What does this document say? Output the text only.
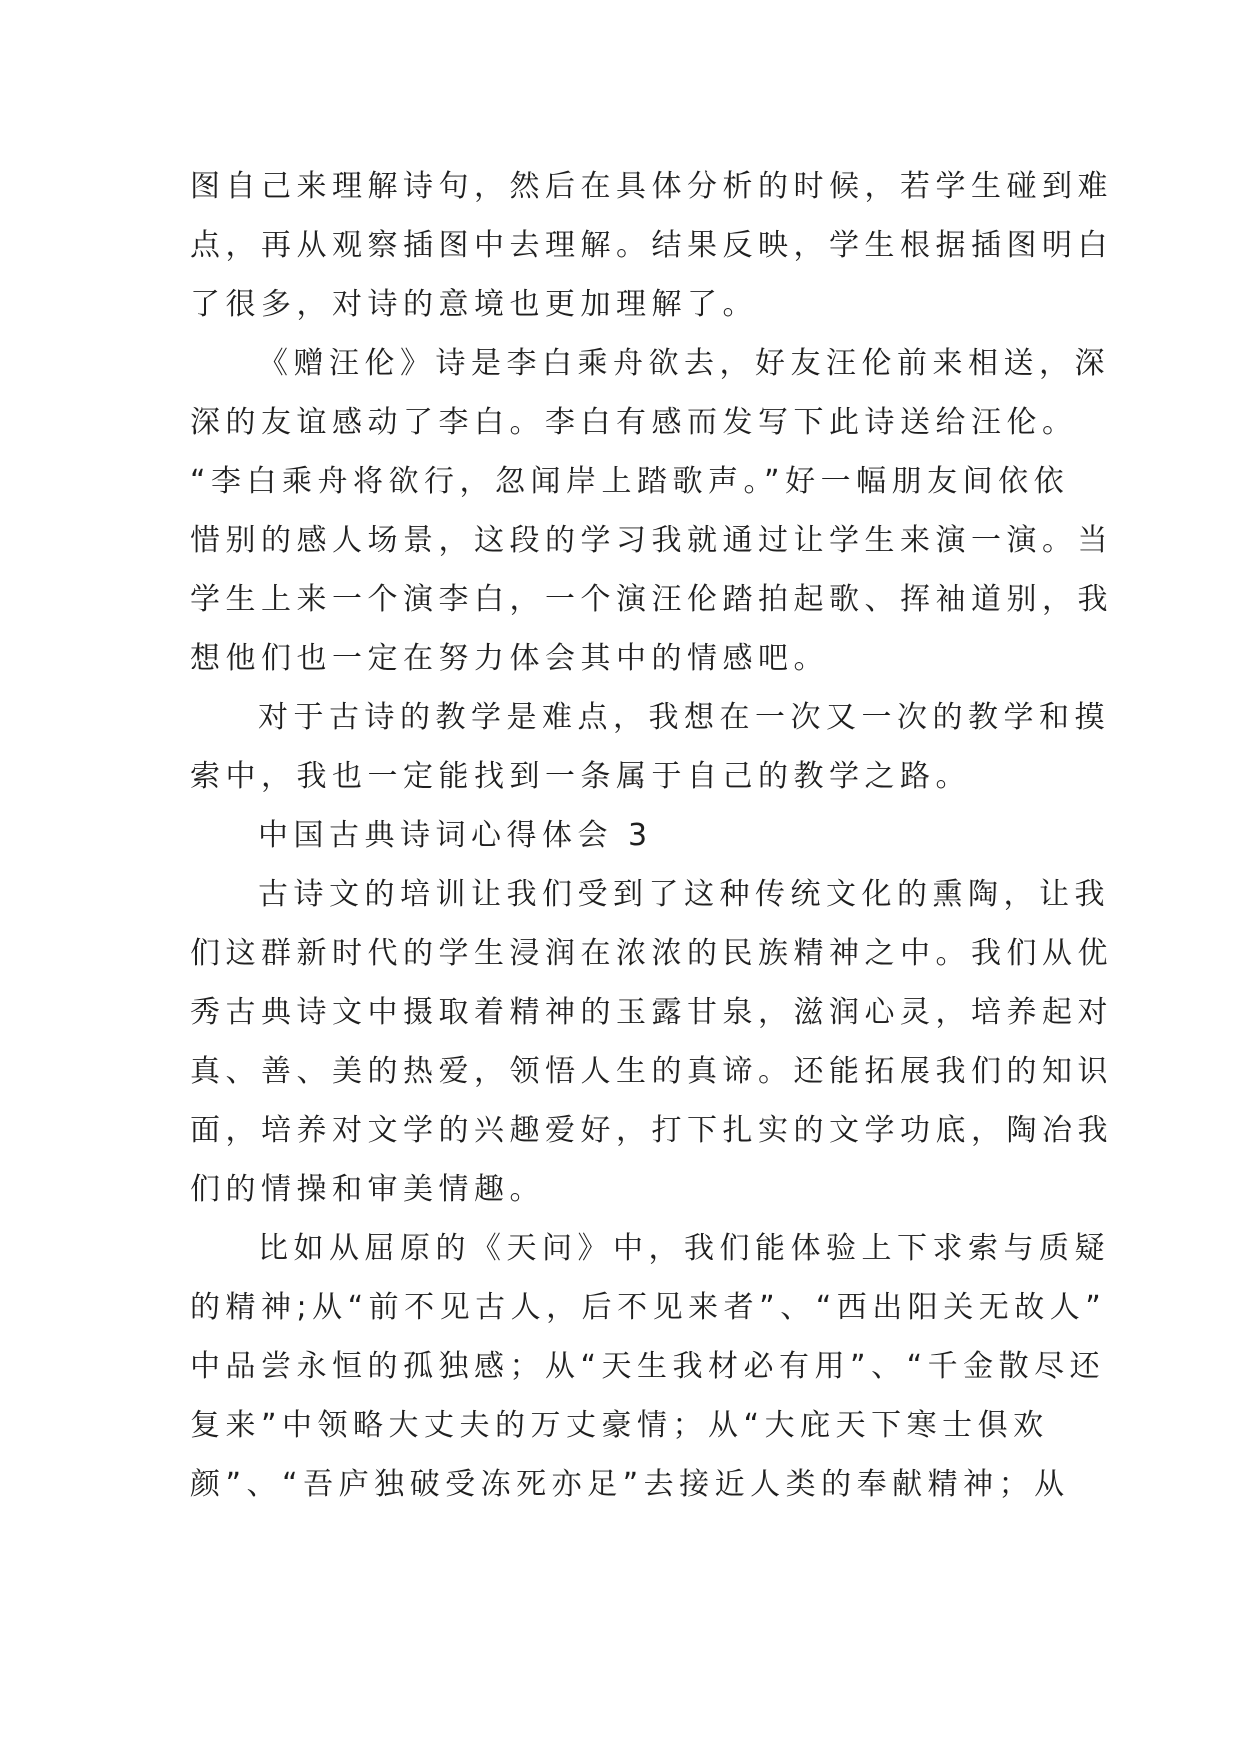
图自己来理解诗句，然后在具体分析的时候，若学生碰到难
点，再从观察插图中去理解。结果反映，学生根据插图明白
了很多，对诗的意境也更加理解了。
《赠汪伦》诗是李白乘舟欲去，好友汪伦前来相送，深
深的友谊感动了李白。李白有感而发写下此诗送给汪伦。
“李白乘舟将欲行，忽闻岸上踏歌声。”好一幅朋友间依依
惜别的感人场景，这段的学习我就通过让学生来演一演。当
学生上来一个演李白，一个演汪伦踏拍起歌、挥袖道别，我
想他们也一定在努力体会其中的情感吧。
对于古诗的教学是难点，我想在一次又一次的教学和摸
索中，我也一定能找到一条属于自己的教学之路。
中国古典诗词心得体会 3
古诗文的培训让我们受到了这种传统文化的熏陶，让我
们这群新时代的学生浸润在浓浓的民族精神之中。我们从优
秀古典诗文中摄取着精神的玉露甘泉，滋润心灵，培养起对
真、善、美的热爱，领悟人生的真谛。还能拓展我们的知识
面，培养对文学的兴趣爱好，打下扎实的文学功底，陶冶我
们的情操和审美情趣。
比如从屈原的《天问》中，我们能体验上下求索与质疑
的精神;从“前不见古人，后不见来者”、“西出阳关无故人”
中品尝永恒的孤独感；从“天生我材必有用”、“千金散尽还
复来”中领略大丈夫的万丈豪情；从“大庇天下寒士俱欢
颜”、“吾庐独破受冻死亦足”去接近人类的奉献精神；从
